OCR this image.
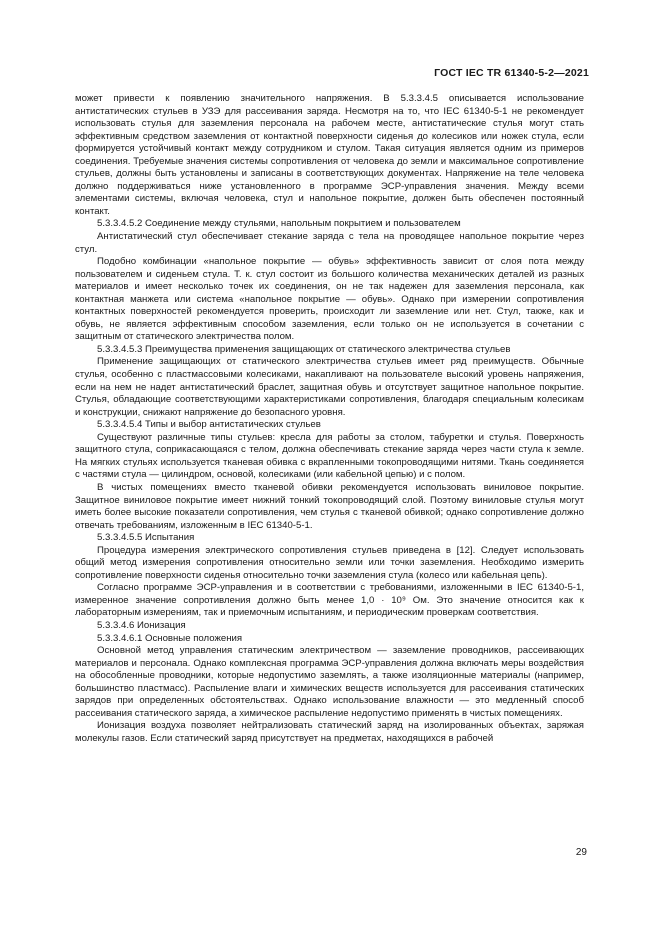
ГОСТ IEC TR 61340-5-2—2021

может привести к появлению значительного напряжения. В 5.3.3.4.5 описывается использование антистатических стульев в УЗЭ для рассеивания заряда. Несмотря на то, что IEC 61340-5-1 не рекомендует использовать стулья для заземления персонала на рабочем месте, антистатические стулья могут стать эффективным средством заземления от контактной поверхности сиденья до колесиков или ножек стула, если формируется устойчивый контакт между сотрудником и стулом. Такая ситуация является одним из примеров соединения. Требуемые значения системы сопротивления от человека до земли и максимальное сопротивление стульев, должны быть установлены и записаны в соответствующих документах. Напряжение на теле человека должно поддерживаться ниже установленного в программе ЭСР-управления значения. Между всеми элементами системы, включая человека, стул и напольное покрытие, должен быть обеспечен постоянный контакт.

5.3.3.4.5.2 Соединение между стульями, напольным покрытием и пользователем

Антистатический стул обеспечивает стекание заряда с тела на проводящее напольное покрытие через стул.

Подобно комбинации «напольное покрытие — обувь» эффективность зависит от слоя пота между пользователем и сиденьем стула. Т. к. стул состоит из большого количества механических деталей из разных материалов и имеет несколько точек их соединения, он не так надежен для заземления персонала, как контактная манжета или система «напольное покрытие — обувь». Однако при измерении сопротивления контактных поверхностей рекомендуется проверить, происходит ли заземление или нет. Стул, также, как и обувь, не является эффективным способом заземления, если только он не используется в сочетании с защитным от статического электричества полом.

5.3.3.4.5.3 Преимущества применения защищающих от статического электричества стульев

Применение защищающих от статического электричества стульев имеет ряд преимуществ. Обычные стулья, особенно с пластмассовыми колесиками, накапливают на пользователе высокий уровень напряжения, если на нем не надет антистатический браслет, защитная обувь и отсутствует защитное напольное покрытие. Стулья, обладающие соответствующими характеристиками сопротивления, благодаря специальным колесикам и конструкции, снижают напряжение до безопасного уровня.

5.3.3.4.5.4 Типы и выбор антистатических стульев

Существуют различные типы стульев: кресла для работы за столом, табуретки и стулья. Поверхность защитного стула, соприкасающаяся с телом, должна обеспечивать стекание заряда через части стула к земле. На мягких стульях используется тканевая обивка с вкрапленными токопроводящими нитями. Ткань соединяется с частями стула — цилиндром, основой, колесиками (или кабельной цепью) и с полом.

В чистых помещениях вместо тканевой обивки рекомендуется использовать виниловое покрытие. Защитное виниловое покрытие имеет нижний тонкий токопроводящий слой. Поэтому виниловые стулья могут иметь более высокие показатели сопротивления, чем стулья с тканевой обивкой; однако сопротивление должно отвечать требованиям, изложенным в IEC 61340-5-1.

5.3.3.4.5.5 Испытания

Процедура измерения электрического сопротивления стульев приведена в [12]. Следует использовать общий метод измерения сопротивления относительно земли или точки заземления. Необходимо измерить сопротивление поверхности сиденья относительно точки заземления стула (колесо или кабельная цепь).

Согласно программе ЭСР-управления и в соответствии с требованиями, изложенными в IEC 61340-5-1, измеренное значение сопротивления должно быть менее 1,0 · 10⁹ Ом. Это значение относится как к лабораторным измерениям, так и приемочным испытаниям, и периодическим проверкам соответствия.

5.3.3.4.6 Ионизация

5.3.3.4.6.1 Основные положения

Основной метод управления статическим электричеством — заземление проводников, рассеивающих материалов и персонала. Однако комплексная программа ЭСР-управления должна включать меры воздействия на обособленные проводники, которые недопустимо заземлять, а также изоляционные материалы (например, большинство пластмасс). Распыление влаги и химических веществ используется для рассеивания статических зарядов при определенных обстоятельствах. Однако использование влажности — это медленный способ рассеивания статического заряда, а химическое распыление недопустимо применять в чистых помещениях.

Ионизация воздуха позволяет нейтрализовать статический заряд на изолированных объектах, заряжая молекулы газов. Если статический заряд присутствует на предметах, находящихся в рабочей

29
